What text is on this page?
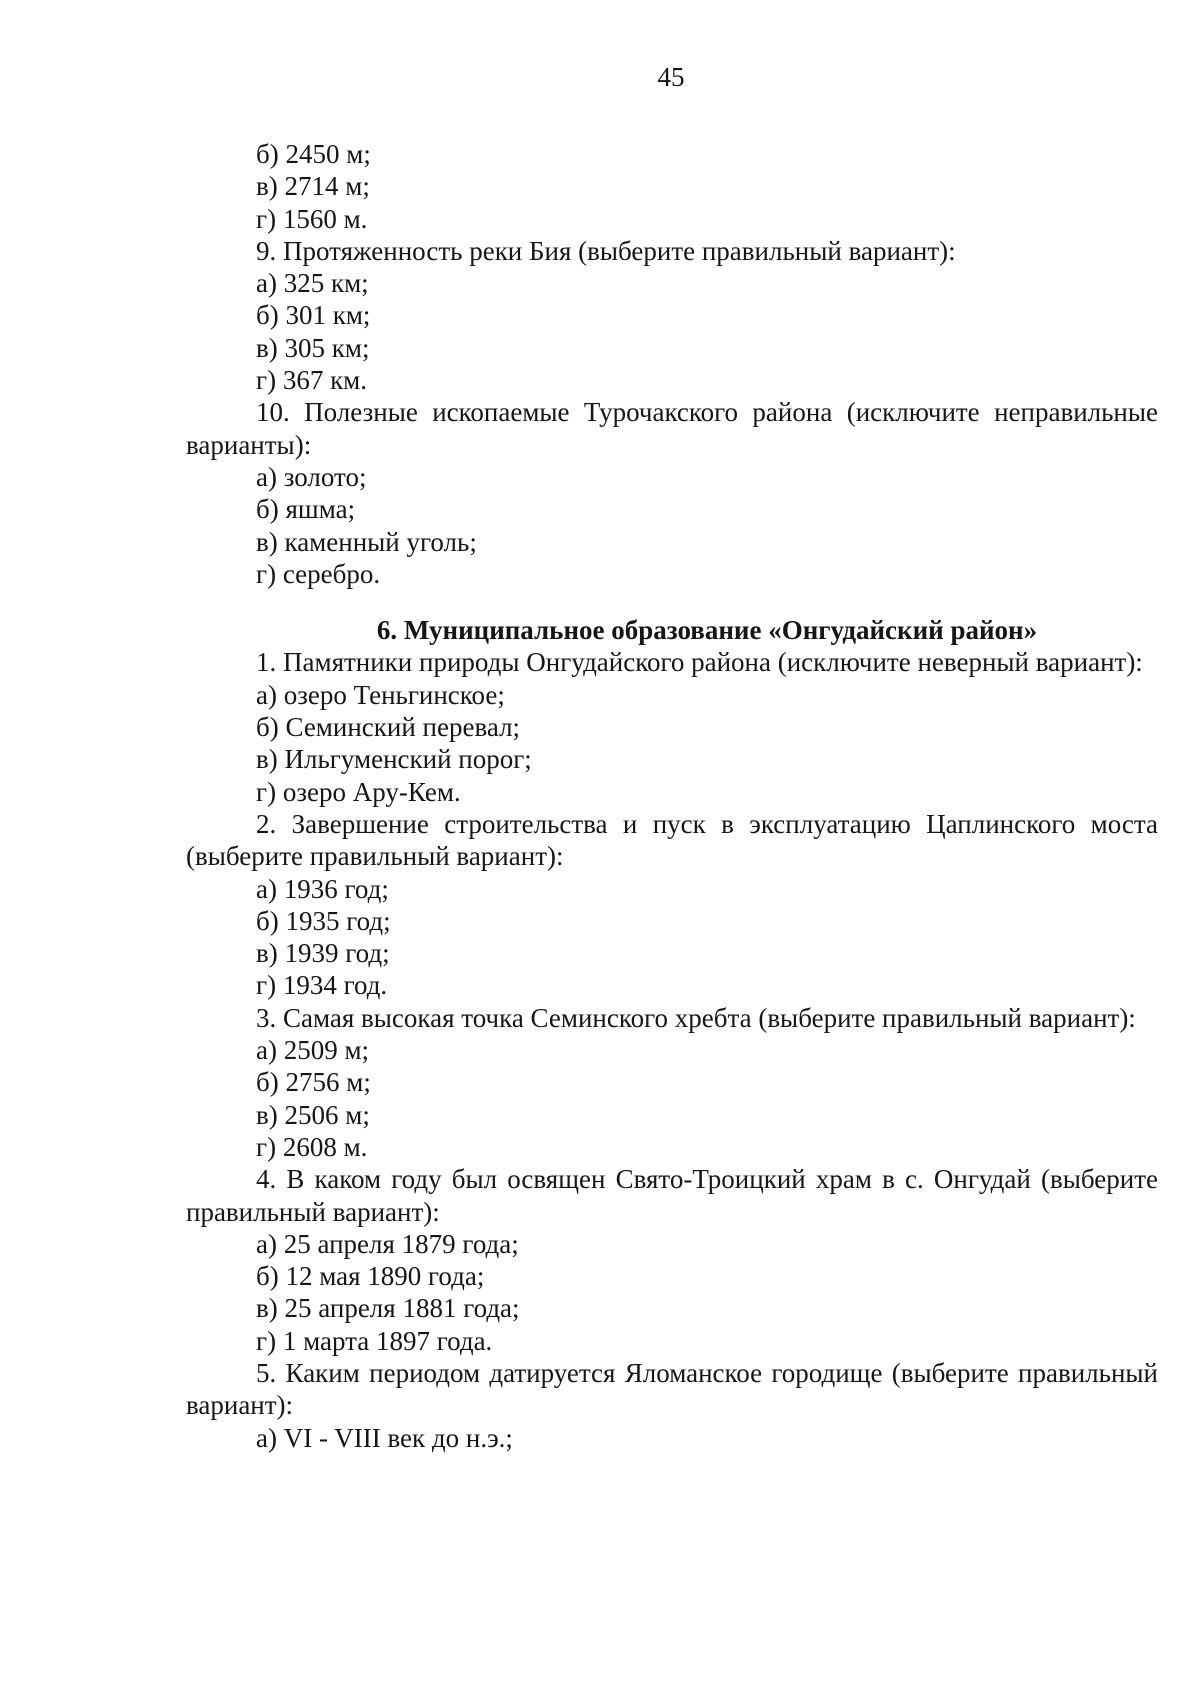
45
б) 2450 м;
в) 2714 м;
г) 1560 м.
9. Протяженность реки Бия (выберите правильный вариант):
а) 325 км;
б) 301 км;
в) 305 км;
г) 367 км.
10. Полезные ископаемые Турочакского района (исключите неправильные варианты):
а) золото;
б) яшма;
в) каменный уголь;
г) серебро.
6. Муниципальное образование «Онгудайский район»
1. Памятники природы Онгудайского района (исключите неверный вариант):
а) озеро Теньгинское;
б) Семинский перевал;
в) Ильгуменский порог;
г) озеро Ару-Кем.
2. Завершение строительства и пуск в эксплуатацию Цаплинского моста (выберите правильный вариант):
а) 1936 год;
б) 1935 год;
в) 1939 год;
г) 1934 год.
3. Самая высокая точка Семинского хребта (выберите правильный вариант):
а) 2509 м;
б) 2756 м;
в) 2506 м;
г) 2608 м.
4. В каком году был освящен Свято-Троицкий храм в с. Онгудай (выберите правильный вариант):
а) 25 апреля 1879 года;
б) 12 мая 1890 года;
в) 25 апреля 1881 года;
г) 1 марта 1897 года.
5. Каким периодом датируется Яломанское городище (выберите правильный вариант):
а) VI - VIII век до н.э.;
